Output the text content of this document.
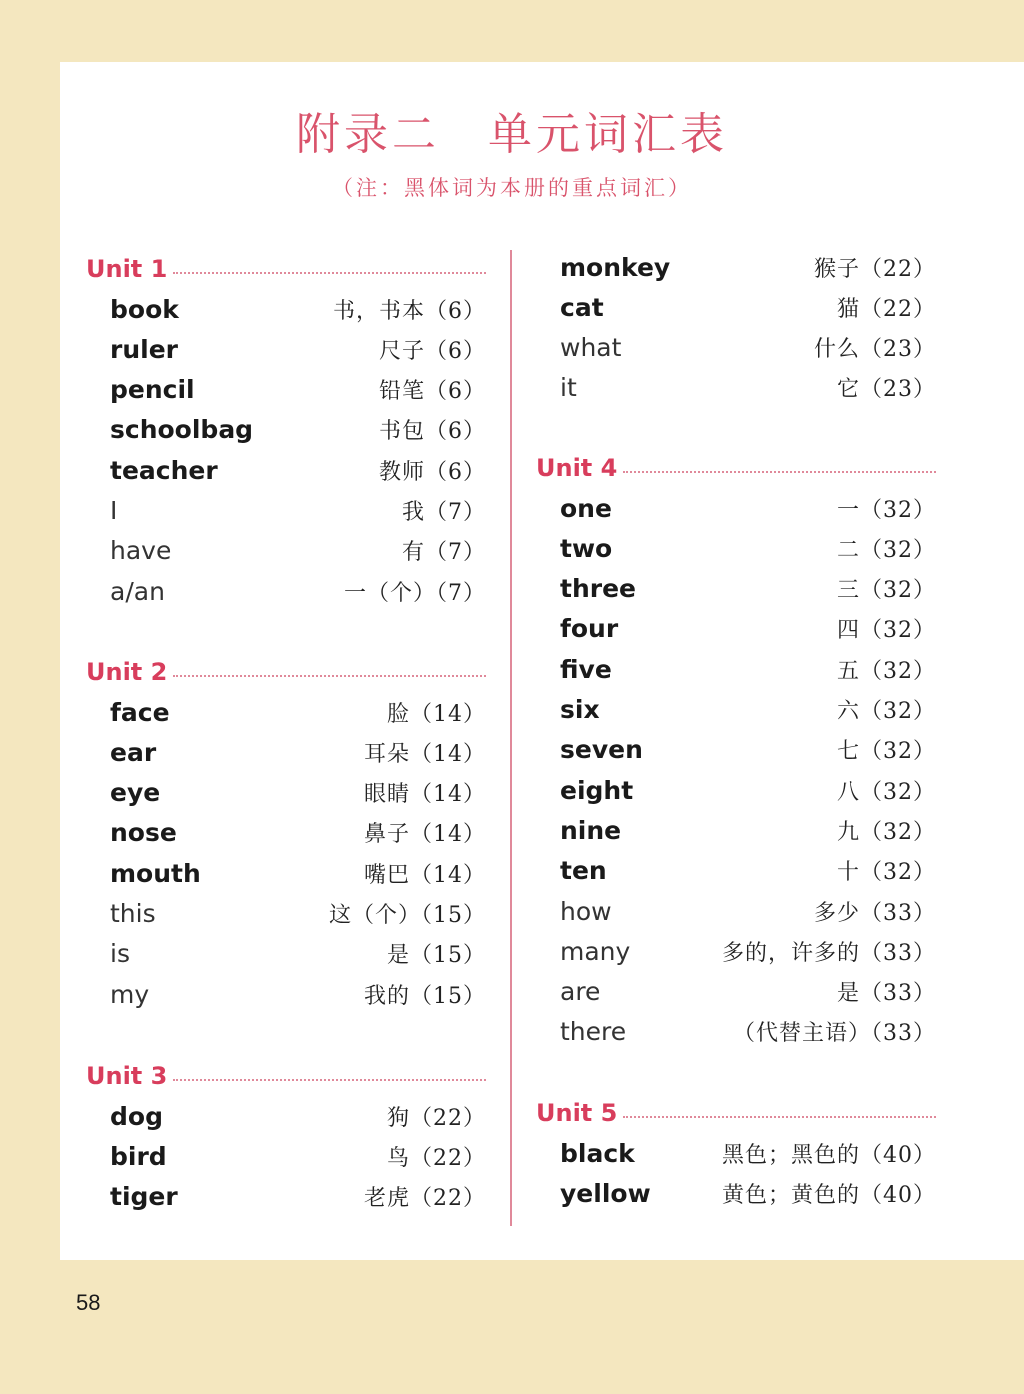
附录二　单元词汇表
（注：黑体词为本册的重点词汇）
Unit 1
book	书，书本（6）
ruler	尺子（6）
pencil	铅笔（6）
schoolbag	书包（6）
teacher	教师（6）
I	我（7）
have	有（7）
a/an	一（个）（7）
Unit 2
face	脸（14）
ear	耳朵（14）
eye	眼睛（14）
nose	鼻子（14）
mouth	嘴巴（14）
this	这（个）（15）
is	是（15）
my	我的（15）
Unit 3
dog	狗（22）
bird	鸟（22）
tiger	老虎（22）
monkey	猴子（22）
cat	猫（22）
what	什么（23）
it	它（23）
Unit 4
one	一（32）
two	二（32）
three	三（32）
four	四（32）
five	五（32）
six	六（32）
seven	七（32）
eight	八（32）
nine	九（32）
ten	十（32）
how	多少（33）
many	多的，许多的（33）
are	是（33）
there	（代替主语）（33）
Unit 5
black	黑色；黑色的（40）
yellow	黄色；黄色的（40）
58
